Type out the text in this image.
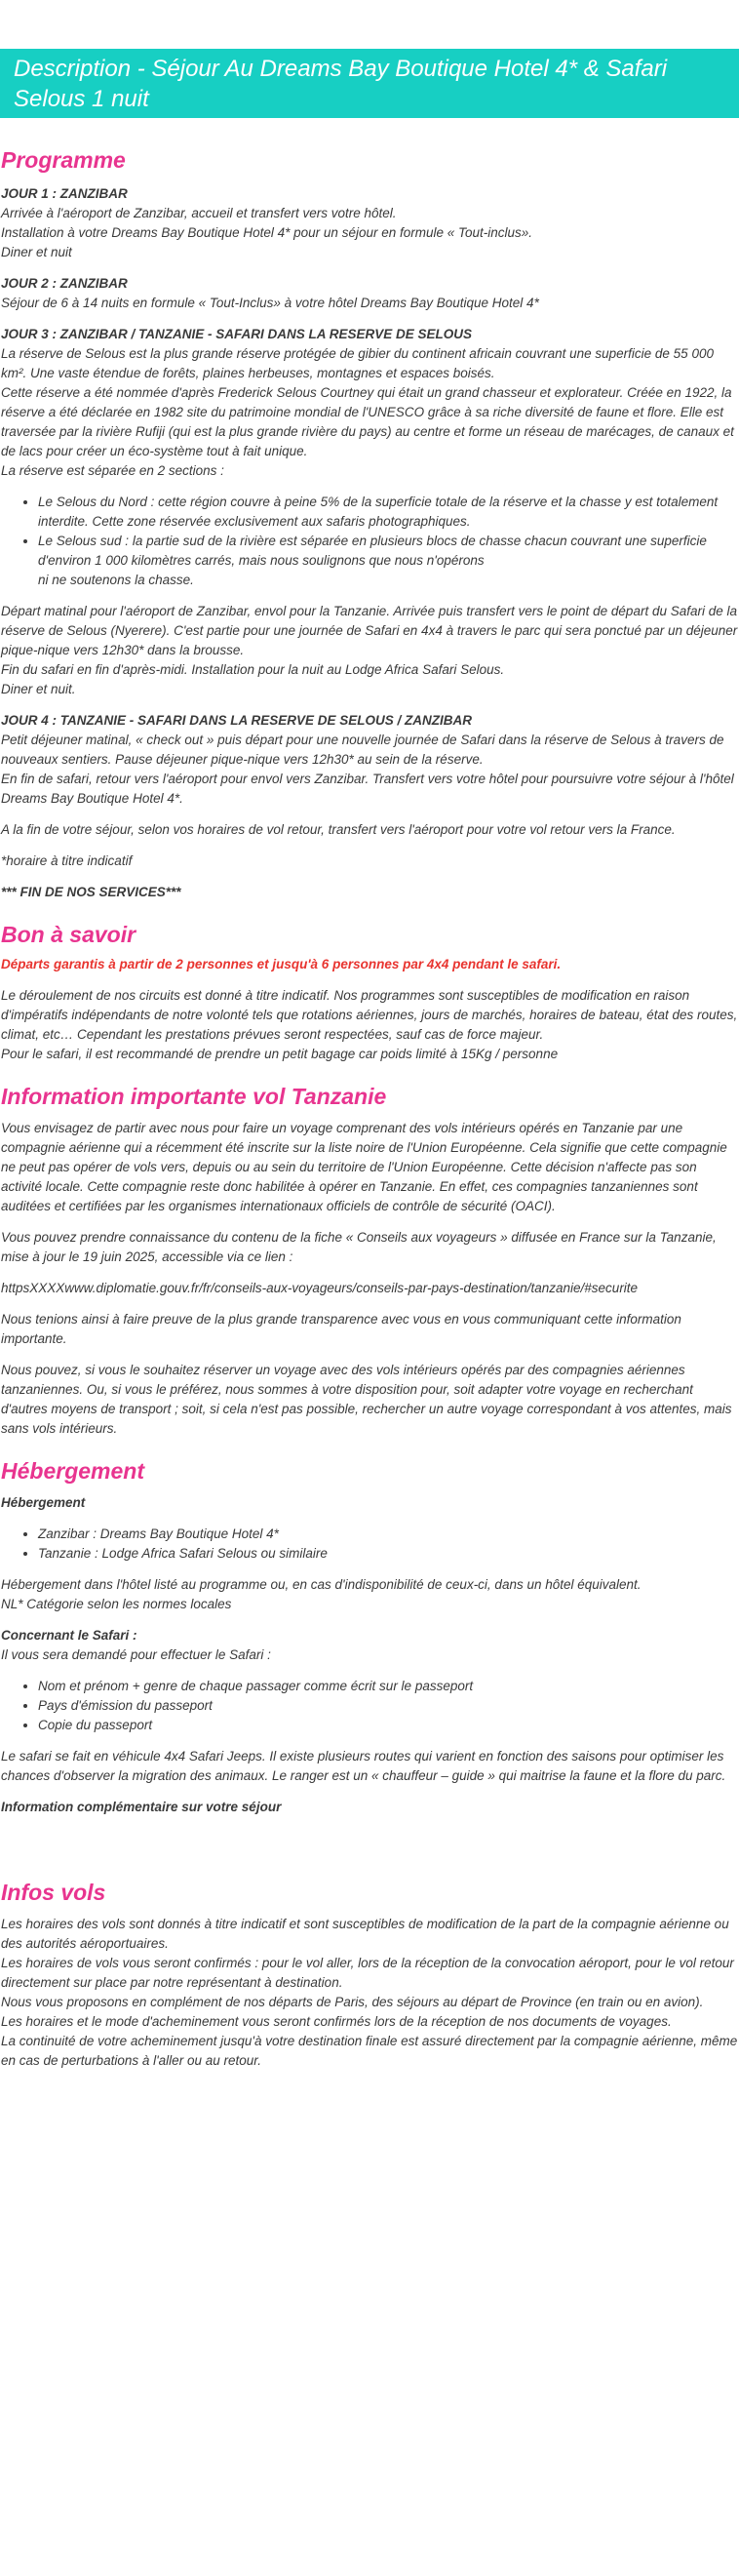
Description - Séjour Au Dreams Bay Boutique Hotel 4* & Safari Selous 1 nuit
Programme

JOUR 1 : ZANZIBAR

Arrivée à l'aéroport de Zanzibar, accueil et transfert vers votre hôtel.

Installation à votre Dreams Bay Boutique Hotel 4* pour un séjour en formule « Tout-inclus».

Diner et nuit

JOUR 2 : ZANZIBAR

Séjour de 6 à 14 nuits en formule « Tout-Inclus» à votre hôtel Dreams Bay Boutique Hotel 4*

JOUR 3 : ZANZIBAR / TANZANIE - SAFARI DANS LA RESERVE DE SELOUS

La réserve de Selous est la plus grande réserve protégée de gibier du continent africain couvrant une superficie de 55 000 km². Une vaste étendue de forêts, plaines herbeuses, montagnes et espaces boisés.

Cette réserve a été nommée d'après Frederick Selous Courtney qui était un grand chasseur et explorateur. Créée en 1922, la réserve a été déclarée en 1982 site du patrimoine mondial de l'UNESCO grâce à sa riche diversité de faune et flore. Elle est traversée par la rivière Rufiji (qui est la plus grande rivière du pays) au centre et forme un réseau de marécages, de canaux et de lacs pour créer un éco-système tout à fait unique.

La réserve est séparée en 2 sections :

• Le Selous du Nord : cette région couvre à peine 5% de la superficie totale de la réserve et la chasse y est totalement interdite. Cette zone réservée exclusivement aux safaris photographiques.
• Le Selous sud : la partie sud de la rivière est séparée en plusieurs blocs de chasse chacun couvrant une superficie d'environ 1 000 kilomètres carrés, mais nous soulignons que nous n'opérons
ni ne soutenons la chasse.

Départ matinal pour l'aéroport de Zanzibar, envol pour la Tanzanie. Arrivée puis transfert vers le point de départ du Safari de la réserve de Selous (Nyerere). C'est partie pour une journée de Safari en 4x4 à travers le parc qui sera ponctué par un déjeuner pique-nique vers 12h30* dans la brousse.

Fin du safari en fin d'après-midi. Installation pour la nuit au Lodge Africa Safari Selous.

Diner et nuit.

JOUR 4 : TANZANIE - SAFARI DANS LA RESERVE DE SELOUS / ZANZIBAR

Petit déjeuner matinal, « check out » puis départ pour une nouvelle journée de Safari dans la réserve de Selous à travers de nouveaux sentiers. Pause déjeuner pique-nique vers 12h30* au sein de la réserve.

En fin de safari, retour vers l'aéroport pour envol vers Zanzibar. Transfert vers votre hôtel pour poursuivre votre séjour à l'hôtel Dreams Bay Boutique Hotel 4*.

A la fin de votre séjour, selon vos horaires de vol retour, transfert vers l'aéroport pour votre vol retour vers la France.

*horaire à titre indicatif

*** FIN DE NOS SERVICES***

Bon à savoir

Départs garantis à partir de 2 personnes et jusqu'à 6 personnes par 4x4 pendant le safari.

Le déroulement de nos circuits est donné à titre indicatif. Nos programmes sont susceptibles de modification en raison d'impératifs indépendants de notre volonté tels que rotations aériennes, jours de marchés, horaires de bateau, état des routes, climat, etc… Cependant les prestations prévues seront respectées, sauf cas de force majeur.

Pour le safari, il est recommandé de prendre un petit bagage car poids limité à 15Kg / personne

Information importante vol Tanzanie

Vous envisagez de partir avec nous pour faire un voyage comprenant des vols intérieurs opérés en Tanzanie par une compagnie aérienne qui a récemment été inscrite sur la liste noire de l'Union Européenne. Cela signifie que cette compagnie ne peut pas opérer de vols vers, depuis ou au sein du territoire de l'Union Européenne. Cette décision n'affecte pas son activité locale. Cette compagnie reste donc habilitée à opérer en Tanzanie. En effet, ces compagnies tanzaniennes sont auditées et certifiées par les organismes internationaux officiels de contrôle de sécurité (OACI).

Vous pouvez prendre connaissance du contenu de la fiche « Conseils aux voyageurs » diffusée en France sur la Tanzanie, mise à jour le 19 juin 2025, accessible via ce lien :

httpsXXXXwww.diplomatie.gouv.fr/fr/conseils-aux-voyageurs/conseils-par-pays-destination/tanzanie/#securite

Nous tenions ainsi à faire preuve de la plus grande transparence avec vous en vous communiquant cette information importante.

Nous pouvez, si vous le souhaitez réserver un voyage avec des vols intérieurs opérés par des compagnies aériennes tanzaniennes. Ou, si vous le préférez, nous sommes à votre disposition pour, soit adapter votre voyage en recherchant d'autres moyens de transport ; soit, si cela n'est pas possible, rechercher un autre voyage correspondant à vos attentes, mais sans vols intérieurs.

Hébergement

Hébergement

• Zanzibar : Dreams Bay Boutique Hotel 4*
• Tanzanie : Lodge Africa Safari Selous ou similaire

Hébergement dans l'hôtel listé au programme ou, en cas d'indisponibilité de ceux-ci, dans un hôtel équivalent.

NL* Catégorie selon les normes locales

Concernant le Safari :

Il vous sera demandé pour effectuer le Safari :

• Nom et prénom + genre de chaque passager comme écrit sur le passeport
• Pays d'émission du passeport
• Copie du passeport

Le safari se fait en véhicule 4x4 Safari Jeeps. Il existe plusieurs routes qui varient en fonction des saisons pour optimiser les chances d'observer la migration des animaux. Le ranger est un « chauffeur – guide » qui maitrise la faune et la flore du parc.

Information complémentaire sur votre séjour

Infos vols

Les horaires des vols sont donnés à titre indicatif et sont susceptibles de modification de la part de la compagnie aérienne ou des autorités aéroportuaires.

Les horaires de vols vous seront confirmés : pour le vol aller, lors de la réception de la convocation aéroport, pour le vol retour directement sur place par notre représentant à destination.

Nous vous proposons en complément de nos départs de Paris, des séjours au départ de Province (en train ou en avion).

Les horaires et le mode d'acheminement vous seront confirmés lors de la réception de nos documents de voyages.

La continuité de votre acheminement jusqu'à votre destination finale est assuré directement par la compagnie aérienne, même en cas de perturbations à l'aller ou au retour.
